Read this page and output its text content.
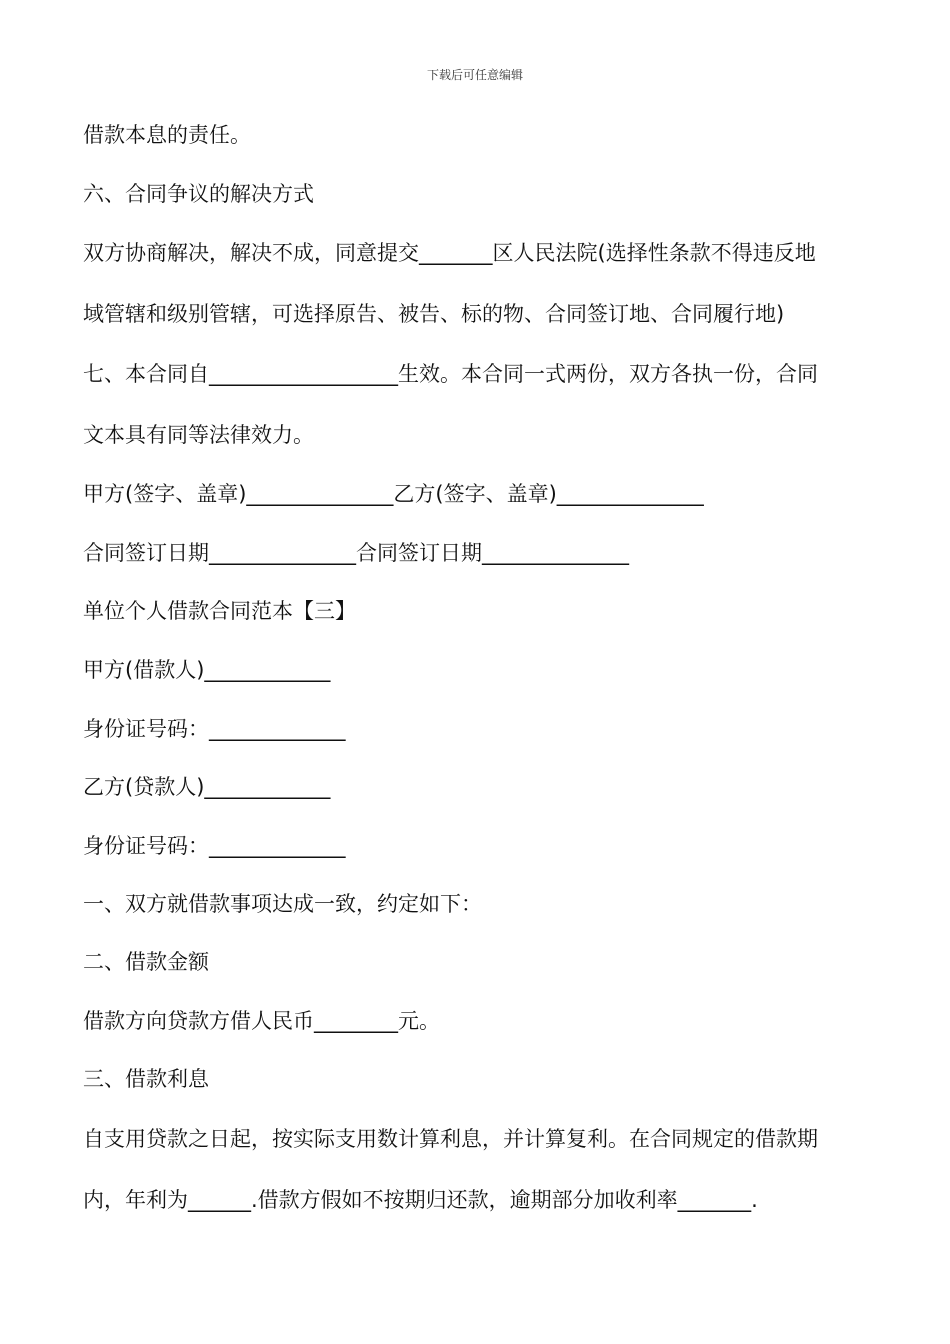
下载后可任意编辑
借款本息的责任。
六、合同争议的解决方式
双方协商解决，解决不成，同意提交_______区人民法院(选择性条款不得违反地
域管辖和级别管辖，可选择原告、被告、标的物、合同签订地、合同履行地)
七、本合同自__________________生效。本合同一式两份，双方各执一份，合同
文本具有同等法律效力。
甲方(签字、盖章)______________乙方(签字、盖章)______________
合同签订日期______________合同签订日期______________
单位个人借款合同范本【三】
甲方(借款人)____________
身份证号码：_____________
乙方(贷款人)____________
身份证号码：_____________
一、双方就借款事项达成一致，约定如下：
二、借款金额
借款方向贷款方借人民币________元。
三、借款利息
自支用贷款之日起，按实际支用数计算利息，并计算复利。在合同规定的借款期
内，年利为______.借款方假如不按期归还款，逾期部分加收利率_______.
